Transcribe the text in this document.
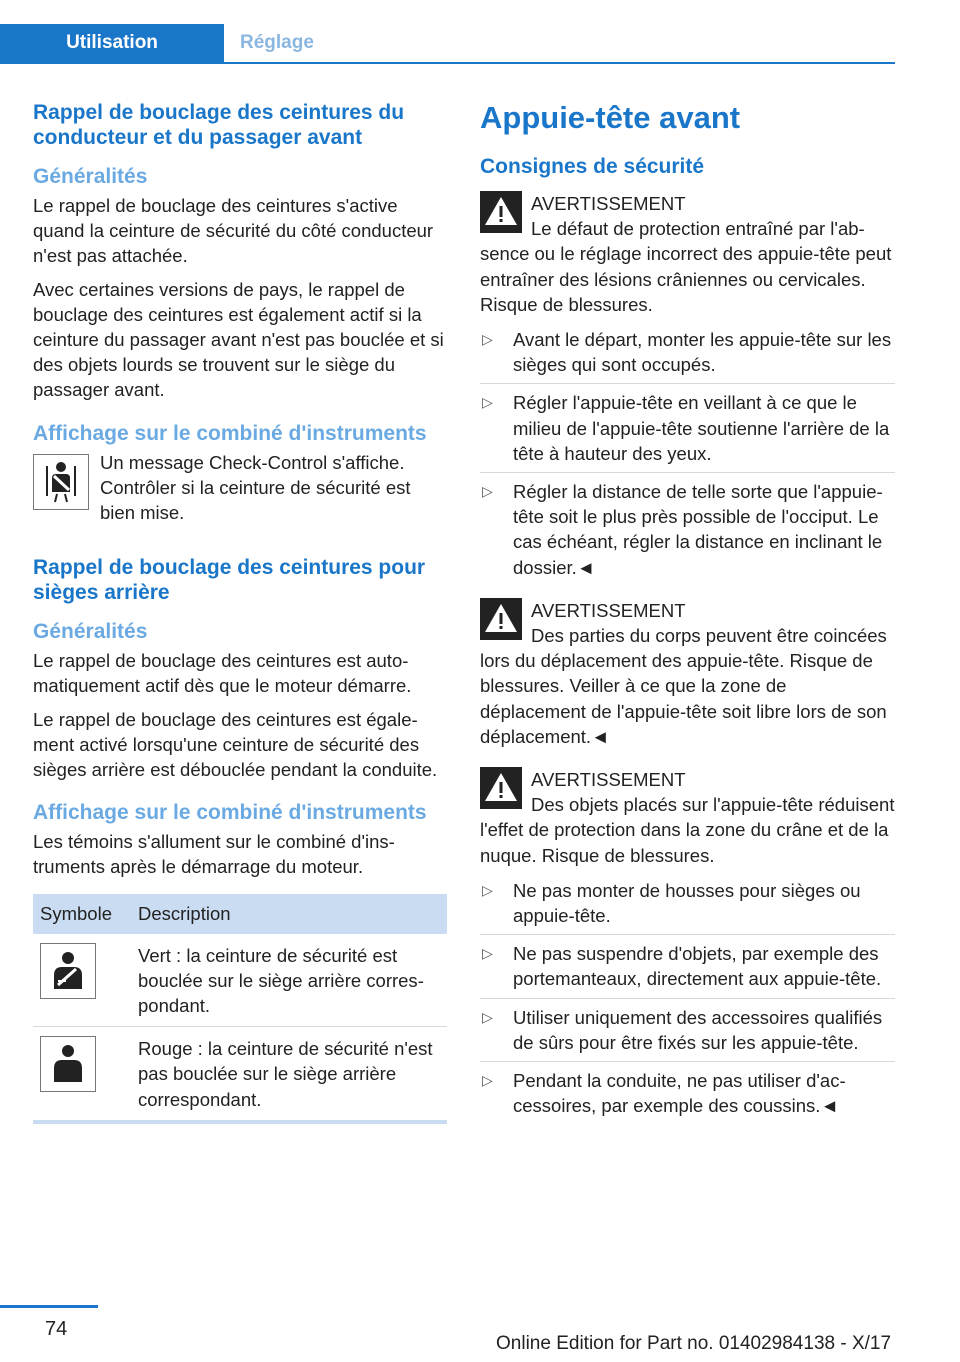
Utilisation	Réglage
Rappel de bouclage des ceintures du conducteur et du passager avant
Généralités

Le rappel de bouclage des ceintures s'active quand la ceinture de sécurité du côté conducteur n'est pas attachée.

Avec certaines versions de pays, le rappel de bouclage des ceintures est également actif si la ceinture du passager avant n'est pas bouclée et si des objets lourds se trouvent sur le siège du passager avant.

Affichage sur le combiné d'instruments

Un message Check-Control s'affiche. Contrôler si la ceinture de sécurité est bien mise.

Rappel de bouclage des ceintures pour sièges arrière
Généralités

Le rappel de bouclage des ceintures est automatiquement actif dès que le moteur démarre.

Le rappel de bouclage des ceintures est également activé lorsqu'une ceinture de sécurité des sièges arrière est débouclée pendant la conduite.

Affichage sur le combiné d'instruments

Les témoins s'allument sur le combiné d'instruments après le démarrage du moteur.

Symbole	Description

	Vert : la ceinture de sécurité est bouclée sur le siège arrière correspondant.

	Rouge : la ceinture de sécurité n'est pas bouclée sur le siège arrière correspondant.
Appuie-tête avant
Consignes de sécurité

AVERTISSEMENT
Le défaut de protection entraîné par l'absence ou le réglage incorrect des appuie-tête peut entraîner des lésions crâniennes ou cervicales. Risque de blessures.

▷ Avant le départ, monter les appuie-tête sur les sièges qui sont occupés.
▷ Régler l'appuie-tête en veillant à ce que le milieu de l'appuie-tête soutienne l'arrière de la tête à hauteur des yeux.
▷ Régler la distance de telle sorte que l'appuie-tête soit le plus près possible de l'occiput. Le cas échéant, régler la distance en inclinant le dossier.◄

AVERTISSEMENT
Des parties du corps peuvent être coincées lors du déplacement des appuie-tête. Risque de blessures. Veiller à ce que la zone de déplacement de l'appuie-tête soit libre lors de son déplacement.◄

AVERTISSEMENT
Des objets placés sur l'appuie-tête réduisent l'effet de protection dans la zone du crâne et de la nuque. Risque de blessures.

▷ Ne pas monter de housses pour sièges ou appuie-tête.
▷ Ne pas suspendre d'objets, par exemple des portemanteaux, directement aux appuie-tête.
▷ Utiliser uniquement des accessoires qualifiés de sûrs pour être fixés sur les appuie-tête.
▷ Pendant la conduite, ne pas utiliser d'accessoires, par exemple des coussins.◄
74
Online Edition for Part no. 01402984138 - X/17
